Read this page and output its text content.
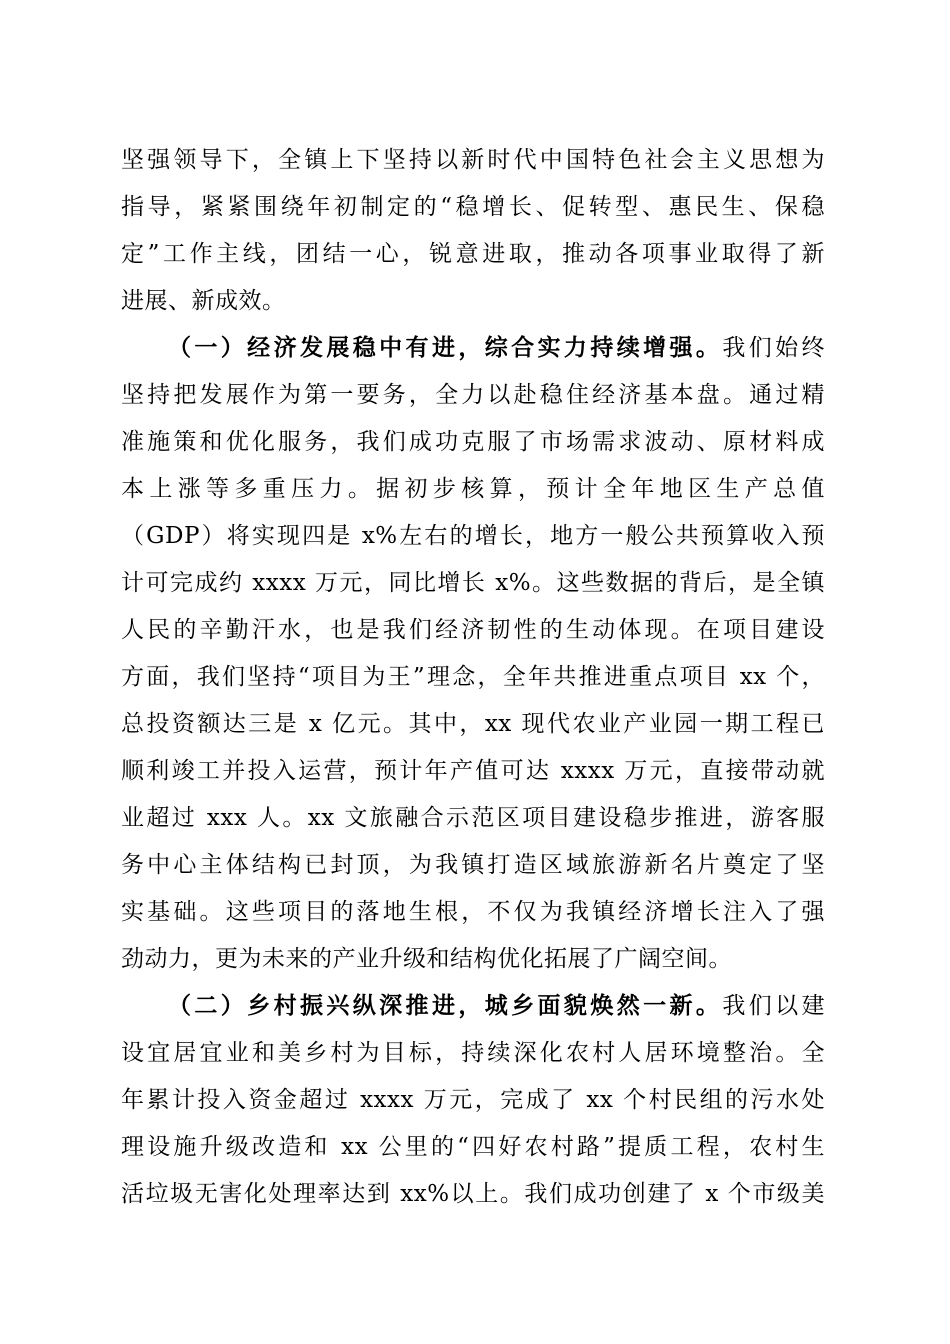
坚强领导下，全镇上下坚持以新时代中国特色社会主义思想为
指导，紧紧围绕年初制定的“稳增长、促转型、惠民生、保稳
定”工作主线，团结一心，锐意进取，推动各项事业取得了新
进展、新成效。
（一）经济发展稳中有进，综合实力持续增强。我们始终
坚持把发展作为第一要务，全力以赴稳住经济基本盘。通过精
准施策和优化服务，我们成功克服了市场需求波动、原材料成
本上涨等多重压力。据初步核算，预计全年地区生产总值
（GDP）将实现四是 x%左右的增长，地方一般公共预算收入预
计可完成约 xxxx 万元，同比增长 x%。这些数据的背后，是全镇
人民的辛勤汗水，也是我们经济韧性的生动体现。在项目建设
方面，我们坚持“项目为王”理念，全年共推进重点项目 xx 个，
总投资额达三是 x 亿元。其中，xx 现代农业产业园一期工程已
顺利竣工并投入运营，预计年产值可达 xxxx 万元，直接带动就
业超过 xxx 人。xx 文旅融合示范区项目建设稳步推进，游客服
务中心主体结构已封顶，为我镇打造区域旅游新名片奠定了坚
实基础。这些项目的落地生根，不仅为我镇经济增长注入了强
劲动力，更为未来的产业升级和结构优化拓展了广阔空间。
（二）乡村振兴纵深推进，城乡面貌焕然一新。我们以建
设宜居宜业和美乡村为目标，持续深化农村人居环境整治。全
年累计投入资金超过 xxxx 万元，完成了 xx 个村民组的污水处
理设施升级改造和 xx 公里的“四好农村路”提质工程，农村生
活垃圾无害化处理率达到 xx%以上。我们成功创建了 x 个市级美
